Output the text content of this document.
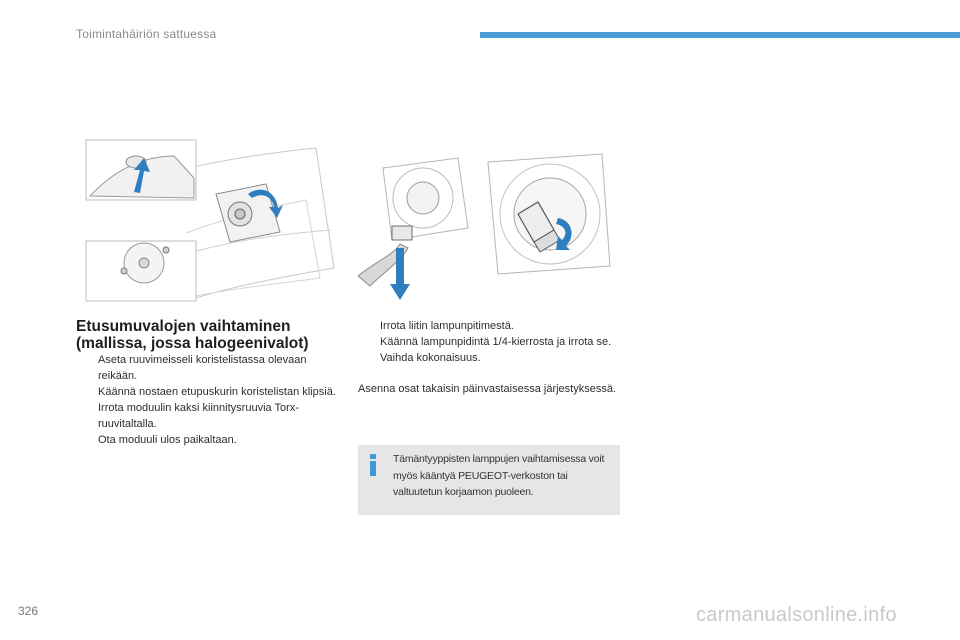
Toimintahäiriön sattuessa
Etusumuvalojen vaihtaminen
(mallissa, jossa halogeenivalot)
Aseta ruuvimeisseli koristelistassa olevaan reikään.
Käännä nostaen etupuskurin koristelistan klipsiä.
Irrota moduulin kaksi kiinnitysruuvia Torx-ruuvitaltalla.
Ota moduuli ulos paikaltaan.
Irrota liitin lampunpitimestä.
Käännä lampunpidintä 1/4-kierrosta ja irrota se.
Vaihda kokonaisuus.
Asenna osat takaisin päinvastaisessa järjestyksessä.
Tämäntyyppisten lamppujen vaihtamisessa voit myös kääntyä PEUGEOT-verkoston tai valtuutetun korjaamon puoleen.
326	carmanualsonline.info
